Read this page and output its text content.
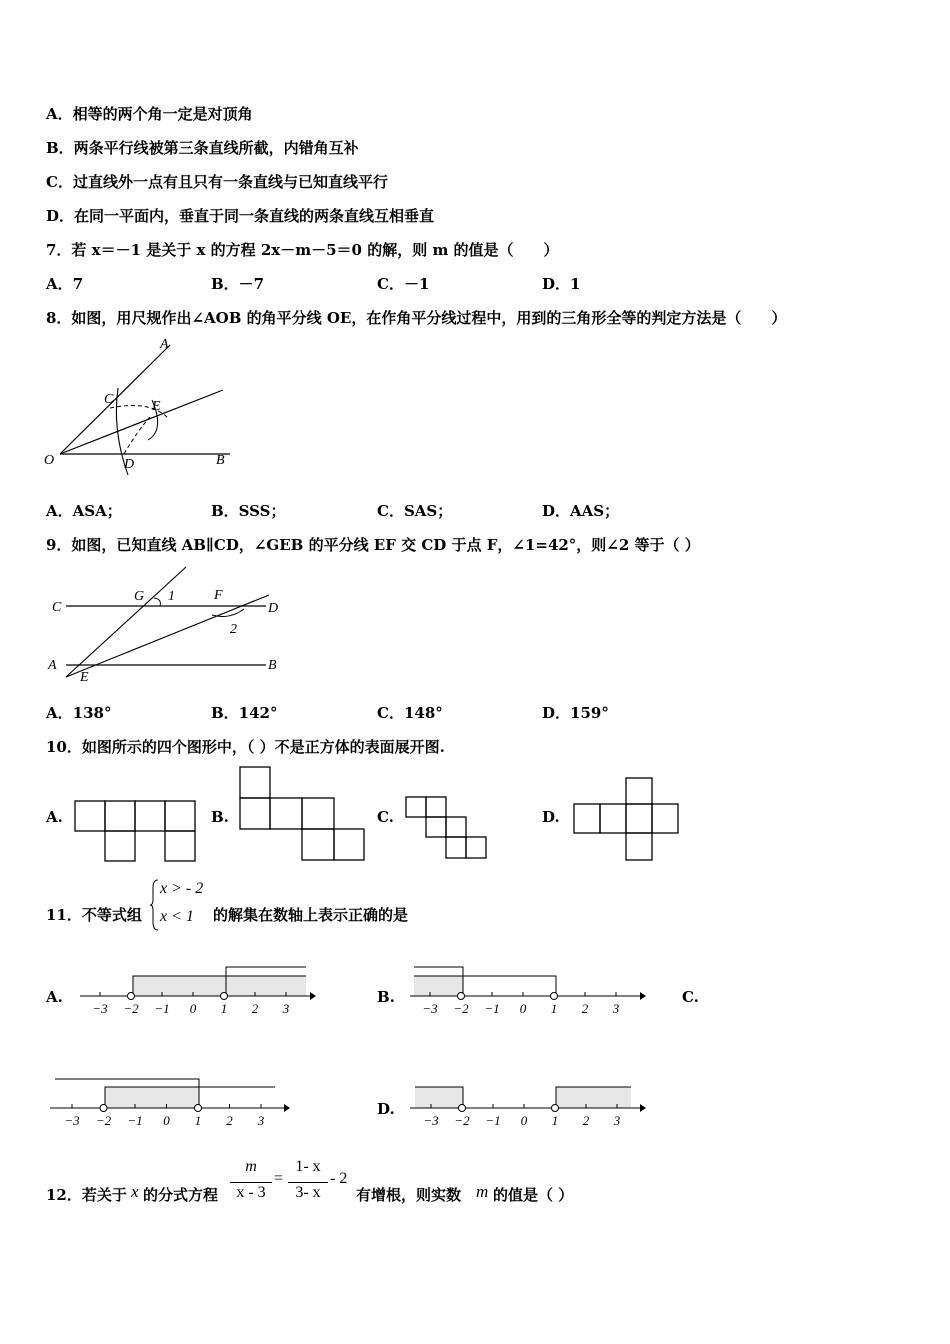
A．相等的两个角一定是对顶角
B．两条平行线被第三条直线所截，内错角互补
C．过直线外一点有且只有一条直线与已知直线平行
D．在同一平面内，垂直于同一条直线的两条直线互相垂直
7．若 x＝－1 是关于 x 的方程 2x－m－5＝0 的解，则 m 的值是（　　）
A．7	B．－7	C．－1	D．1
8．如图，用尺规作出∠AOB 的角平分线 OE，在作角平分线过程中，用到的三角形全等的判定方法是（　　）
A
B
C
D
E
O
A．ASA；	B．SSS；	C．SAS；	D．AAS；
9．如图，已知直线 AB∥CD，∠GEB 的平分线 EF 交 CD 于点 F，∠1=42°，则∠2 等于（ ）
C	D
G	F
A	B
E
1
2
A．138°	B．142°	C．148°	D．159°
10．如图所示的四个图形中，（ ）不是正方体的表面展开图.
A.	B.	C.	D.
11．不等式组
x > - 2
x < 1 的解集在数轴上表示正确的是
A.
−3 −2 −1 0 1 2 3
B.
−3 −2 −1 0 1 2 3
C.
−3 −2 −1 0 1 2 3
D.
−3 −2 −1 0 1 2 3
12．若关于 x 的分式方程
m
x - 3
=
1- x
3- x
- 2
有增根，则实数 m 的值是（ ）
